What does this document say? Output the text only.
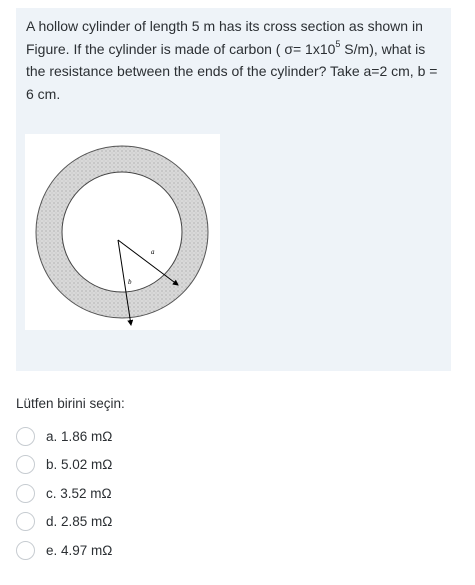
A hollow cylinder of length 5 m has its cross section as shown in Figure. If the cylinder is made of carbon ( $\sigma= 1x10^5$ S/m), what is the resistance between the ends of the cylinder? Take a=2 cm, b = 6 cm.
a
b
Lütfen birini seçin:
a. 1.86 mΩ
b. 5.02 mΩ
c. 3.52 mΩ
d. 2.85 mΩ
e. 4.97 mΩ
